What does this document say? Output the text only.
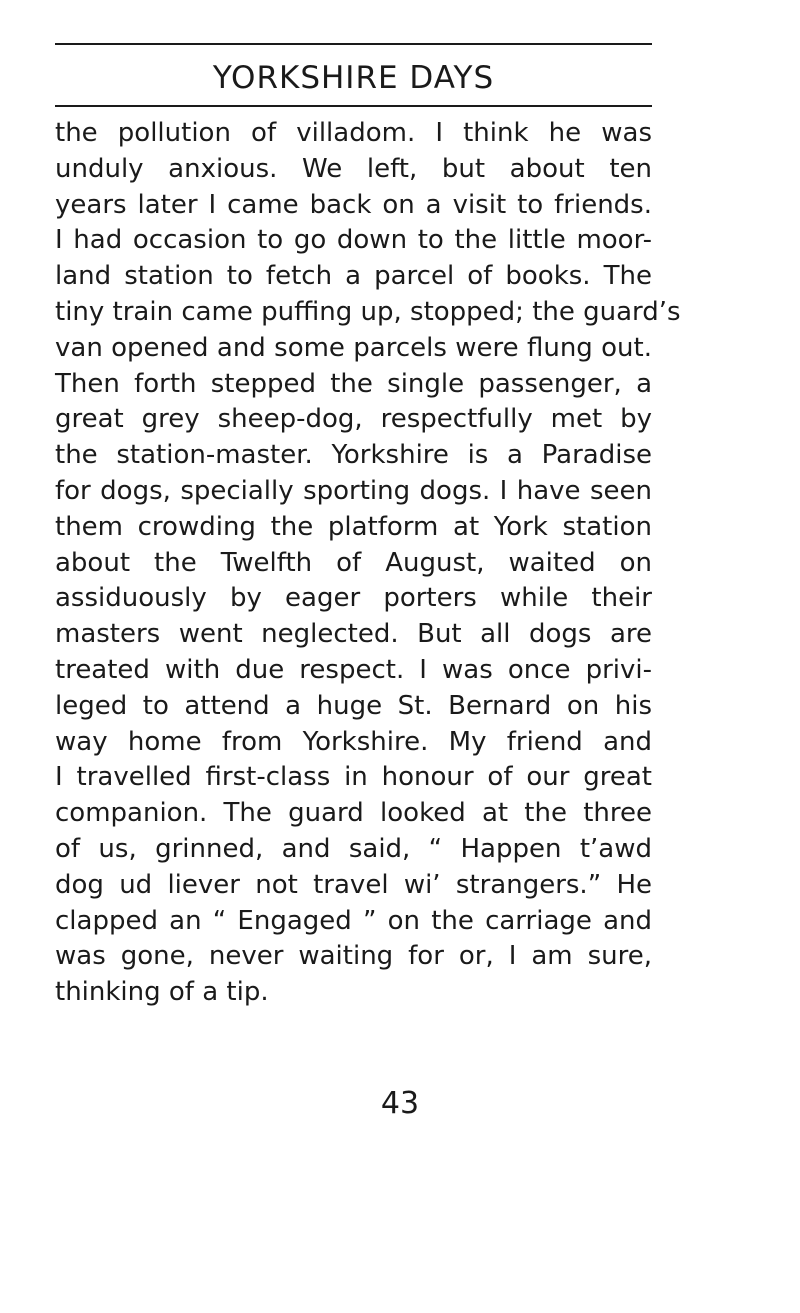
YORKSHIRE DAYS
the pollution of villadom. I think he was
unduly anxious. We left, but about ten
years later I came back on a visit to friends.
I had occasion to go down to the little moor-
land station to fetch a parcel of books. The
tiny train came puffing up, stopped; the guard’s
van opened and some parcels were flung out.
Then forth stepped the single passenger, a
great grey sheep-dog, respectfully met by
the station-master. Yorkshire is a Paradise
for dogs, specially sporting dogs. I have seen
them crowding the platform at York station
about the Twelfth of August, waited on
assiduously by eager porters while their
masters went neglected. But all dogs are
treated with due respect. I was once privi-
leged to attend a huge St. Bernard on his
way home from Yorkshire. My friend and
I travelled first-class in honour of our great
companion. The guard looked at the three
of us, grinned, and said, “ Happen t’awd
dog ud liever not travel wi’ strangers.” He
clapped an “ Engaged ” on the carriage and
was gone, never waiting for or, I am sure,
thinking of a tip.
43
